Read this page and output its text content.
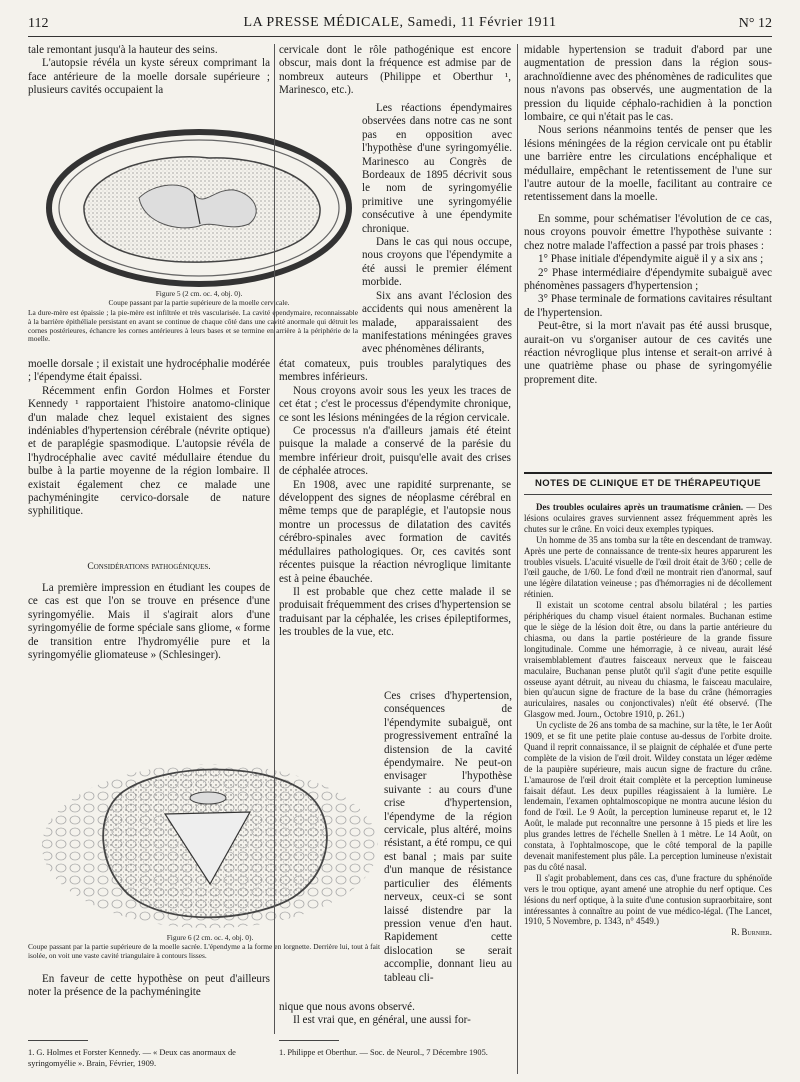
112	LA PRESSE MÉDICALE, Samedi, 11 Février 1911	N° 12

tale remontant jusqu'à la hauteur des seins.

L'autopsie révéla un kyste séreux comprimant la face antérieure de la moelle dorsale supérieure ; plusieurs cavités occupaient la

cervicale dont le rôle pathogénique est encore obscur, mais dont la fréquence est admise par de nombreux auteurs (Philippe et Oberthur ¹, Marinesco, etc.).

Figure 5 (2 cm. oc. 4, obj. 0).
Coupe passant par la partie supérieure de la moelle cervicale.
La dure-mère est épaissie ; la pie-mère est infiltrée et très vascularisée. La cavité épendymaire, reconnaissable à la barrière épithéliale persistant en avant se continue de chaque côté dans une cavité anormale qui détruit les cornes postérieures, échancre les cornes antérieures à leurs bases et se termine en arrière à la périphérie de la moelle.

Les réactions épendymaires observées dans notre cas ne sont pas en opposition avec l'hypothèse d'une syringomyélie. Marinesco au Congrès de Bordeaux de 1895 décrivit sous le nom de syringomyélie primitive une syringomyélie consécutive à une épendymite chronique.

Dans le cas qui nous occupe, nous croyons que l'épendymite a été aussi le premier élément morbide.

Six ans avant l'éclosion des accidents qui nous amenèrent la malade, apparaissaient des manifestations méningées graves avec phénomènes délirants,

moelle dorsale ; il existait une hydrocéphalie modérée ; l'épendyme était épaissi.

Récemment enfin Gordon Holmes et Forster Kennedy ¹ rapportaient l'histoire anatomo-clinique d'un malade chez lequel existaient des signes indéniables d'hypertension cérébrale (névrite optique) et de paraplégie spasmodique. L'autopsie révéla de l'hydrocéphalie avec cavité médullaire étendue du bulbe à la partie moyenne de la région lombaire. Il existait également chez ce malade une pachyméningite cervico-dorsale de nature syphilitique.

Considérations pathogéniques.

La première impression en étudiant les coupes de ce cas est que l'on se trouve en présence d'une syringomyélie. Mais il s'agirait alors d'une syringomyélie de forme spéciale sans gliome, « forme de transition entre l'hydromyélie pure et la syringomyélie gliomateuse » (Schlesinger).

état comateux, puis troubles paralytiques des membres inférieurs.

Nous croyons avoir sous les yeux les traces de cet état ; c'est le processus d'épendymite chronique, ce sont les lésions méningées de la région cervicale.

Ce processus n'a d'ailleurs jamais été éteint puisque la malade a conservé de la parésie du membre inférieur droit, puisqu'elle avait des crises de céphalée atroces.

En 1908, avec une rapidité surprenante, se développent des signes de néoplasme cérébral en même temps que de paraplégie, et l'autopsie nous montre un processus de dilatation des cavités cérébro-spinales avec formation de cavités médullaires pathologiques. Or, ces cavités sont récentes puisque la réaction névroglique limitante est à peine ébauchée.

Il est probable que chez cette malade il se produisait fréquemment des crises d'hypertension se traduisant par la céphalée, les crises épileptiformes, les troubles de la vue, etc.

Figure 6 (2 cm. oc. 4, obj. 0).
Coupe passant par la partie supérieure de la moelle sacrée. L'épendyme a la forme en lorgnette. Derrière lui, tout à fait isolée, on voit une vaste cavité triangulaire à contours lisses.

Ces crises d'hypertension, conséquences de l'épendymite subaiguë, ont progressivement entraîné la distension de la cavité épendymaire. Ne peut-on envisager l'hypothèse suivante : au cours d'une crise d'hypertension, l'épendyme de la région cervicale, plus altéré, moins résistant, a été rompu, ce qui est banal ; mais par suite d'un manque de résistance particulier des éléments nerveux, ceux-ci se sont laissé distendre par la pression venue d'en haut. Rapidement cette dislocation se serait accomplie, donnant lieu au tableau cli-

En faveur de cette hypothèse on peut d'ailleurs noter la présence de la pachyméningite

nique que nous avons observé.

Il est vrai que, en général, une aussi for-

1. G. Holmes et Forster Kennedy. — « Deux cas anormaux de syringomyélie ». Brain, Février, 1909.
1. Philippe et Oberthur. — Soc. de Neurol., 7 Décembre 1905.

midable hypertension se traduit d'abord par une augmentation de pression dans la région sous-arachnoïdienne avec des phénomènes de radiculites que nous n'avons pas observés, une augmentation de la pression du liquide céphalo-rachidien à la ponction lombaire, ce qui n'était pas le cas.

Nous serions néanmoins tentés de penser que les lésions méningées de la région cervicale ont pu établir une barrière entre les circulations encéphalique et médullaire, empêchant le retentissement de l'une sur l'autre autour de la moelle, facilitant au contraire ce retentissement dans la moelle.

En somme, pour schématiser l'évolution de ce cas, nous croyons pouvoir émettre l'hypothèse suivante : chez notre malade l'affection a passé par trois phases :

1° Phase initiale d'épendymite aiguë il y a six ans ;

2° Phase intermédiaire d'épendymite subaiguë avec phénomènes passagers d'hypertension ;

3° Phase terminale de formations cavitaires résultant de l'hypertension.

Peut-être, si la mort n'avait pas été aussi brusque, aurait-on vu s'organiser autour de ces cavités une réaction névroglique plus intense et serait-on arrivé à une quatrième phase ou phase de syringomyélie proprement dite.

NOTES DE CLINIQUE ET DE THÉRAPEUTIQUE

Des troubles oculaires après un traumatisme crânien. — Des lésions oculaires graves surviennent assez fréquemment après les chutes sur le crâne. En voici deux exemples typiques.

Un homme de 35 ans tomba sur la tête en descendant de tramway. Après une perte de connaissance de trente-six heures apparurent les troubles visuels. L'acuité visuelle de l'œil droit était de 3/60 ; celle de l'œil gauche, de 1/60. Le fond d'œil ne montrait rien d'anormal, sauf une légère dilatation veineuse ; pas d'hémorragies ni de décollement rétinien.

Il existait un scotome central absolu bilatéral ; les parties périphériques du champ visuel étaient normales. Buchanan estime que le siège de la lésion doit être, ou dans la partie antérieure du chiasma, ou dans la partie postérieure de la grande fissure longitudinale. Comme une hémorragie, à ce niveau, aurait lésé vraisemblablement d'autres faisceaux nerveux que le faisceau maculaire, Buchanan pense plutôt qu'il s'agit d'une petite esquille osseuse ayant détruit, au niveau du chiasma, le faisceau maculaire, bien qu'aucun signe de fracture de la base du crâne (hémorragies auriculaires, nasales ou conjonctivales) n'eût été observé. (The Glasgow med. Journ., Octobre 1910, p. 261.)

Un cycliste de 26 ans tomba de sa machine, sur la tête, le 1er Août 1909, et se fit une petite plaie contuse au-dessus de l'orbite droite. Quand il reprit connaissance, il se plaignit de céphalée et d'une perte complète de la vision de l'œil droit. Wildey constata un léger œdème de la paupière supérieure, mais aucun signe de fracture du crâne. L'amaurose de l'œil droit était complète et la perception lumineuse faisait défaut. Les deux pupilles réagissaient à la lumière. Le lendemain, l'examen ophtalmoscopique ne montra aucune lésion du fond de l'œil. Le 9 Août, la perception lumineuse reparut et, le 12 Août, le malade put reconnaître une personne à 15 pieds et lire les plus grandes lettres de l'échelle Snellen à 1 mètre. Le 14 Août, on constata, à l'ophtalmoscope, que le côté temporal de la papille devenait manifestement plus pâle. La perception lumineuse n'existait pas du côté nasal.

Il s'agit probablement, dans ces cas, d'une fracture du sphénoïde vers le trou optique, ayant amené une atrophie du nerf optique. Ces lésions du nerf optique, à la suite d'une contusion supraorbitaire, sont intéressantes à connaître au point de vue médico-légal. (The Lancet, 1910, 5 Novembre, p. 1343, n° 4549.)

R. Burnier.
